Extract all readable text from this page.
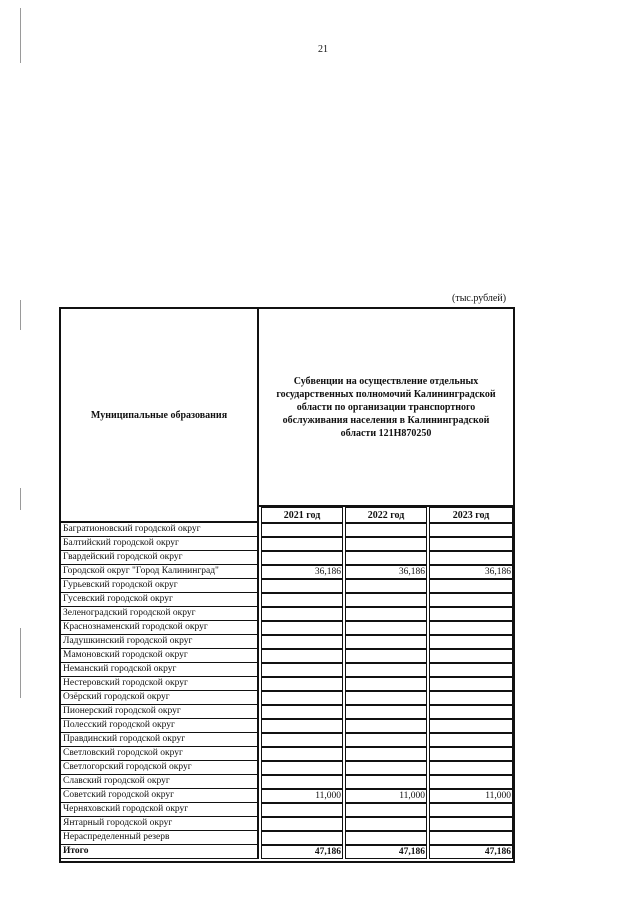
21
(тыс.рублей)
Муниципальные образования
Субвенции на осуществление отдельных государственных полномочий Калининградской области по организации транспортного обслуживания населения в Калининградской области 121Н870250
2021 год	2022 год	2023 год
Багратионовский городской округ
Балтийский городской округ
Гвардейский городской округ
Городской округ "Город Калининград"	36,186	36,186	36,186
Гурьевский городской округ
Гусевский городской округ
Зеленоградский городской округ
Краснознаменский городской округ
Ладушкинский городской округ
Мамоновский городской округ
Неманский городской округ
Нестеровский городской округ
Озёрский городской округ
Пионерский городской округ
Полесский городской округ
Правдинский городской округ
Светловский городской округ
Светлогорский городской округ
Славский городской округ
Советский городской округ	11,000	11,000	11,000
Черняховский городской округ
Янтарный городской округ
Нераспределенный резерв
Итого	47,186	47,186	47,186
